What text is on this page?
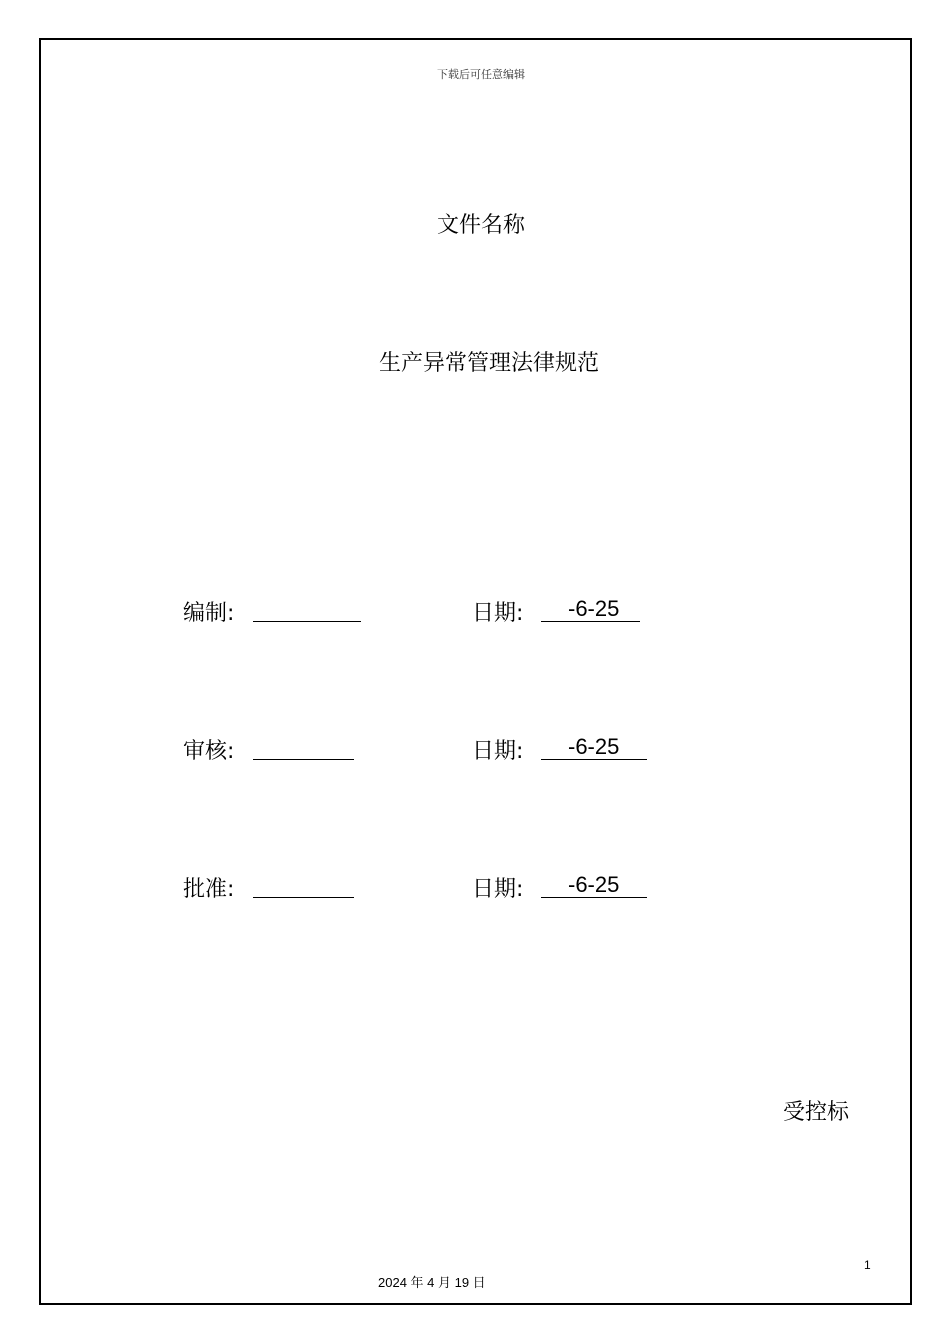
下载后可任意编辑
文件名称
生产异常管理法律规范
编制:	日期:	-6-25
审核:	日期:	-6-25
批准:	日期:	-6-25
受控标
1
2024 年 4 月 19 日
